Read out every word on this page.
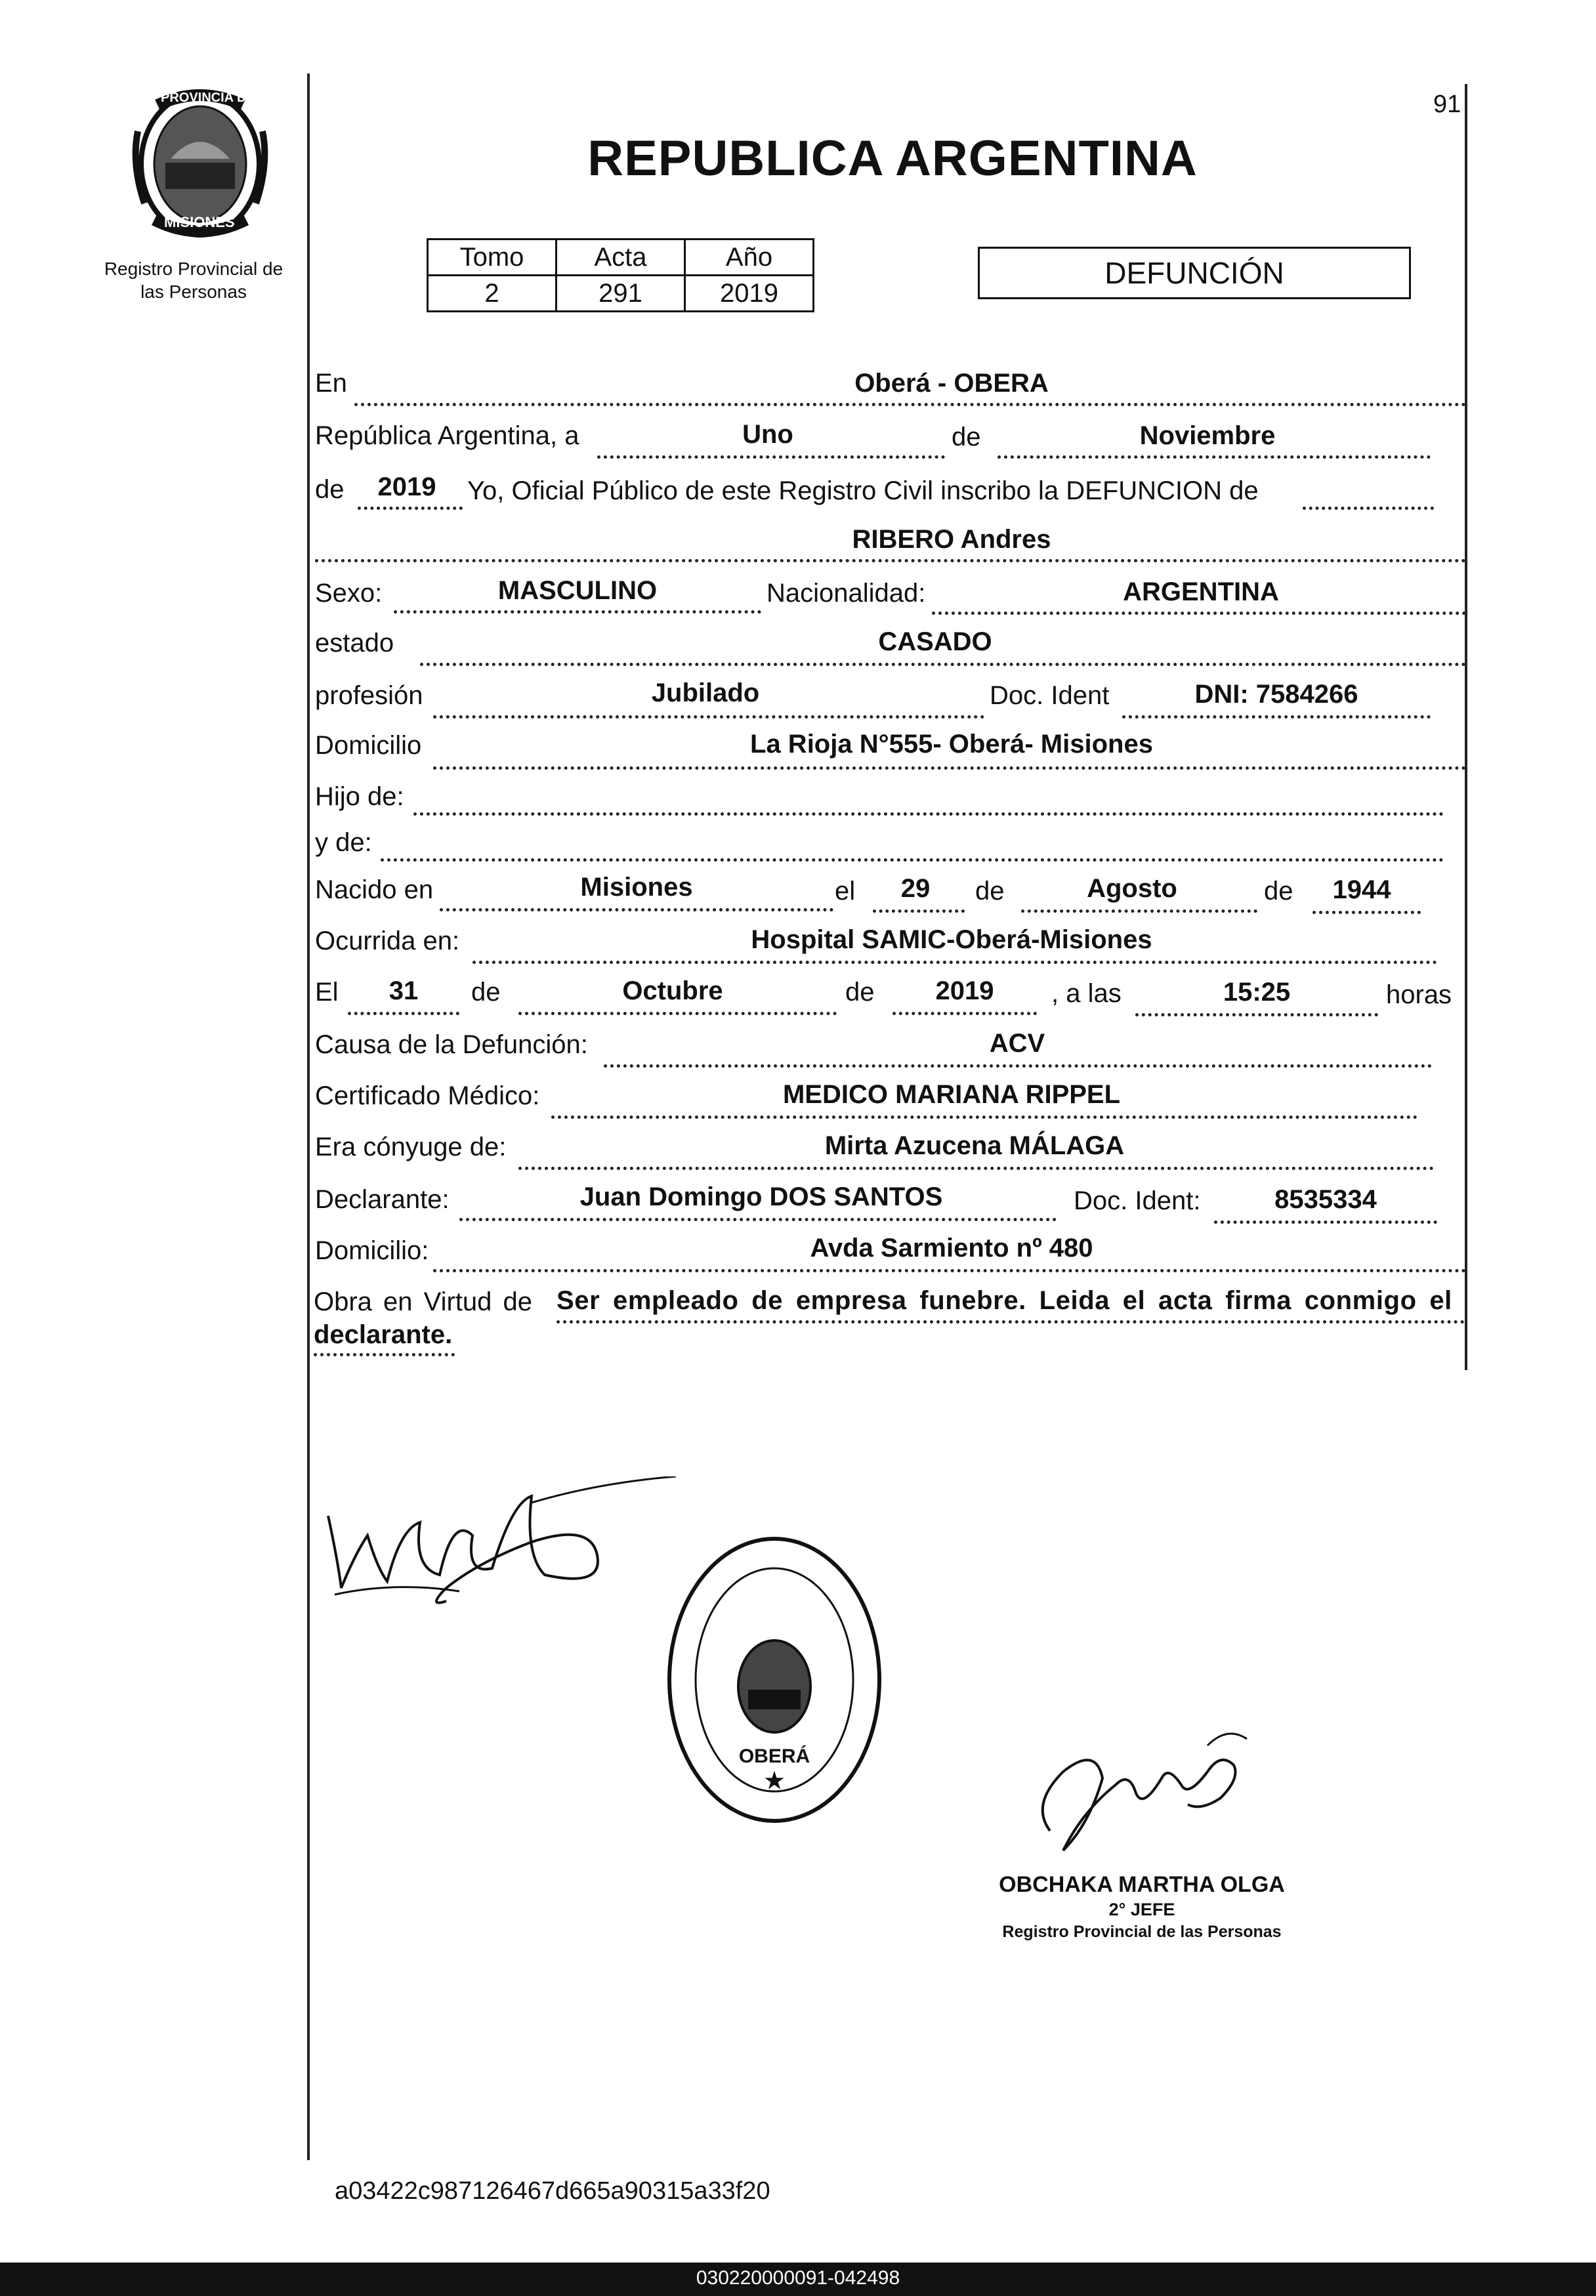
PROVINCIA DE
MISIONES
Registro Provincial de
las Personas
91
REPUBLICA ARGENTINA
Tomo	Acta	Año
2	291	2019
DEFUNCIÓN
En	Oberá - OBERA
República Argentina, a	Uno	de	Noviembre
de	2019	Yo, Oficial Público de este Registro Civil inscribo la DEFUNCION de
RIBERO Andres
Sexo:	MASCULINO	Nacionalidad:	ARGENTINA
estado	CASADO
profesión	Jubilado	Doc. Ident	DNI: 7584266
Domicilio	La Rioja N°555- Oberá- Misiones
Hijo de:
y de:
Nacido en	Misiones	el	29	de	Agosto	de	1944
Ocurrida en:	Hospital SAMIC-Oberá-Misiones
El	31	de	Octubre	de	2019	, a las	15:25	horas
Causa de la Defunción:	ACV
Certificado Médico:	MEDICO MARIANA RIPPEL
Era cónyuge de:	Mirta Azucena MÁLAGA
Declarante:	Juan Domingo DOS SANTOS	Doc. Ident:	8535334
Domicilio:	Avda Sarmiento nº 480
Obra en Virtud de Ser empleado de empresa funebre. Leida el acta firma conmigo el
declarante.
★
OBERÁ
OBCHAKA MARTHA OLGA
2° JEFE
Registro Provincial de las Personas
a03422c987126467d665a90315a33f20
030220000091-042498
